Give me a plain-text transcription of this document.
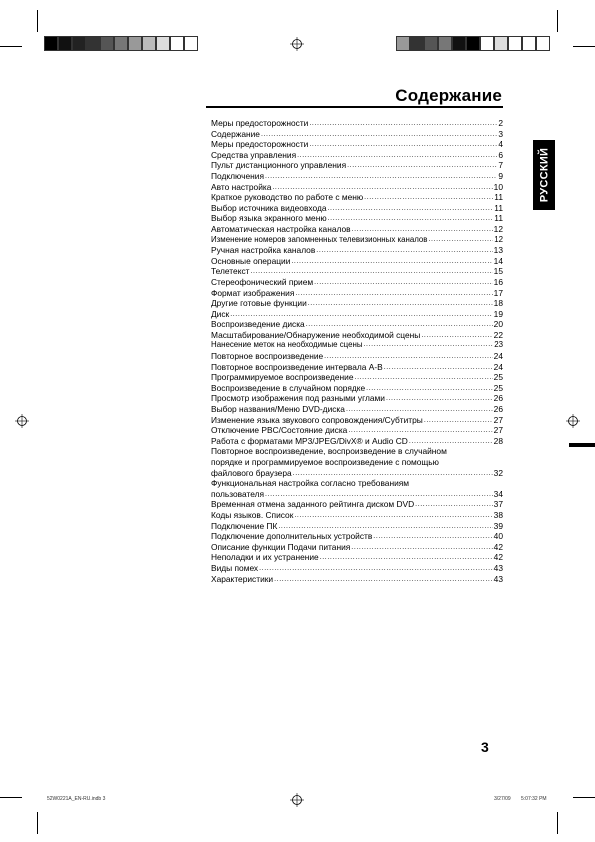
Содержание
РУССКИЙ
Меры предосторожности .....	2
Содержание .....	3
Меры предосторожности .....	4
Средства управления .....	6
Пульт дистанционного управления .....	7
Подключения .....	9
Авто настройка .....	10
Краткое руководство по работе с меню .....	11
Выбор источника видеовхода .....	11
Выбор языка экранного меню .....	11
Автоматическая настройка каналов .....	12
Изменение номеров запомненных телевизионных каналов .....	12
Ручная настройка каналов .....	13
Основные операции .....	14
Телетекст .....	15
Стереофонический прием .....	16
Формат изображения .....	17
Другие готовые функции .....	18
Диск .....	19
Воспроизведение диска .....	20
Масштабирование/Обнаружение необходимой сцены .....	22
Нанесение меток на необходимые сцены .....	23
Повторное воспроизведение .....	24
Повторное воспроизведение интервала A-B .....	24
Программируемое воспроизведение .....	25
Воспроизведение в случайном порядке .....	25
Просмотр изображения под разными углами .....	26
Выбор названия/Меню DVD-диска .....	26
Изменение языка звукового сопровождения/Субтитры .....	27
Отключение PBC/Состояние диска .....	27
Работа с форматами MP3/JPEG/DivX® и Audio CD .....	28
Повторное воспроизведение, воспроизведение в случайном
порядке и программируемое воспроизведение с помощью
файлового браузера .....	32
Функциональная настройка согласно требованиям
пользователя .....	34
Временная отмена заданного рейтинга диском DVD .....	37
Коды языков. Список .....	38
Подключение ПК .....	39
Подключение дополнительных устройств .....	40
Описание функции Подачи питания .....	42
Неполадки и их устранение .....	42
Виды помех .....	43
Характеристики .....	43
3
52W0221A_EN-RU.indb 3	3/27/09 5:07:32 PM
